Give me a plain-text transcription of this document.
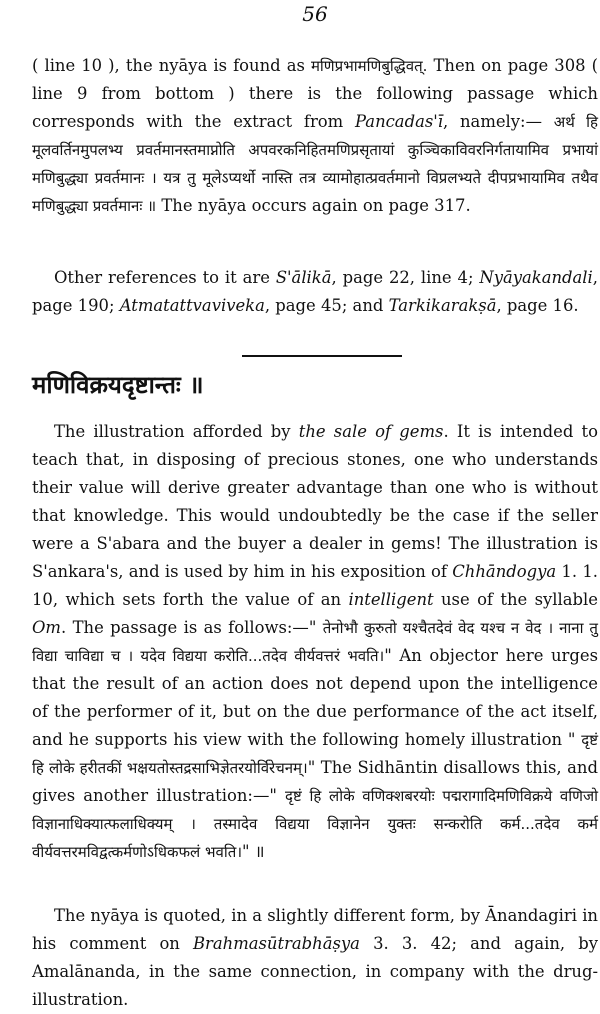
56

( line 10 ), the nyāya is found as मणिप्रभामणिबुद्धिवत्. Then on page 308 ( line 9 from bottom ) there is the following passage which corresponds with the extract from Pancadas'ī, namely:— अर्थ हि मूलवर्तिनमुपलभ्य प्रवर्तमानस्तमाप्नोति अपवरकनिहितमणिप्रसृतायां कुञ्चिकाविवरनिर्गतायामिव प्रभायां मणिबुद्ध्या प्रवर्तमानः । यत्र तु मूलेऽप्यर्थो नास्ति तत्र व्यामोहात्प्रवर्तमानो विप्रलभ्यते दीपप्रभायामिव तथैव मणिबुद्ध्या प्रवर्तमानः ॥ The nyāya occurs again on page 317.

Other references to it are S'ālikā, page 22, line 4; Nyāyakandali, page 190; Atmatattvaviveka, page 45; and Tarkikarakṣā, page 16.

मणिविक्रयदृष्टान्तः ॥

The illustration afforded by the sale of gems. It is intended to teach that, in disposing of precious stones, one who understands their value will derive greater advantage than one who is without that knowledge. This would undoubtedly be the case if the seller were a S'abara and the buyer a dealer in gems! The illustration is S'ankara's, and is used by him in his exposition of Chhāndogya 1. 1. 10, which sets forth the value of an intelligent use of the syllable Om. The passage is as follows:—" तेनोभौ कुरुतो यश्चैतदेवं वेद यश्च न वेद । नाना तु विद्या चाविद्या च । यदेव विद्यया करोति...तदेव वीर्यवत्तरं भवति।" An objector here urges that the result of an action does not depend upon the intelligence of the performer of it, but on the due performance of the act itself, and he supports his view with the following homely illustration " दृष्टं हि लोके हरीतकीं भक्षयतोस्तद्रसाभिज्ञेतरयोर्विरेचनम्।" The Sidhāntin disallows this, and gives another illustration:—" दृष्टं हि लोके वणिक्शबरयोः पद्मरागादिमणिविक्रये वणिजो विज्ञानाधिक्यात्फलाधिक्यम् । तस्मादेव विद्यया विज्ञानेन युक्तः सन्करोति कर्म...तदेव कर्म वीर्यवत्तरमविद्वत्कर्मणोऽधिकफलं भवति।" ॥

The nyāya is quoted, in a slightly different form, by Ānandagiri in his comment on Brahmasūtrabhāṣya 3. 3. 42; and again, by Amalānanda, in the same connection, in company with the drug-illustration.
